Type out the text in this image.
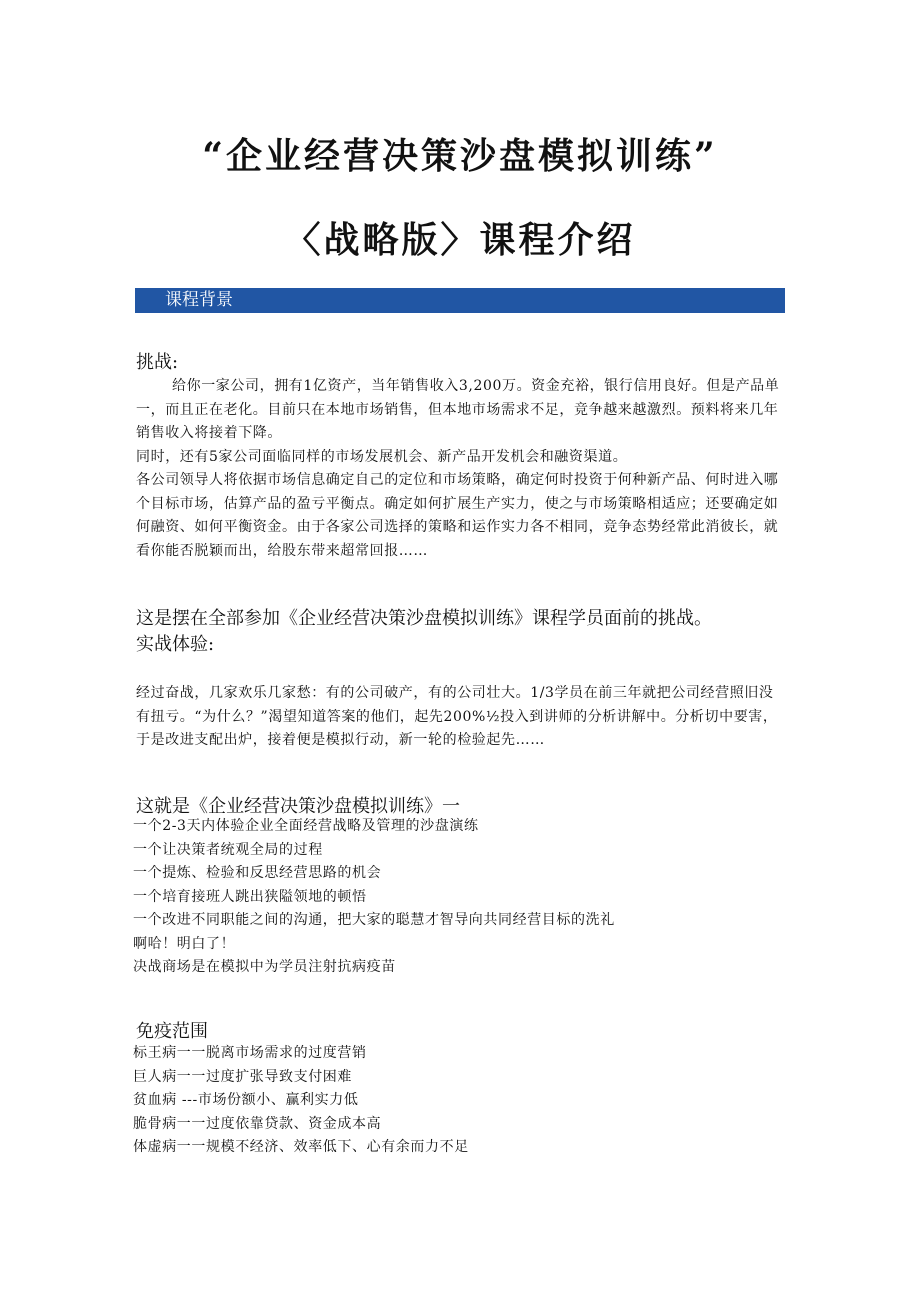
“企业经营决策沙盘模拟训练”
〈战略版〉课程介绍
课程背景
挑战:

给你一家公司，拥有1亿资产，当年销售收入3,200万。资金充裕，银行信用良好。但是产品单一，而且正在老化。目前只在本地市场销售，但本地市场需求不足，竞争越来越激烈。预料将来几年销售收入将接着下降。

同时，还有5家公司面临同样的市场发展机会、新产品开发机会和融资渠道。

各公司领导人将依据市场信息确定自己的定位和市场策略，确定何时投资于何种新产品、何时进入哪个目标市场，估算产品的盈亏平衡点。确定如何扩展生产实力，使之与市场策略相适应；还要确定如何融资、如何平衡资金。由于各家公司选择的策略和运作实力各不相同，竞争态势经常此消彼长，就看你能否脱颖而出，给股东带来超常回报……

这是摆在全部参加《企业经营决策沙盘模拟训练》课程学员面前的挑战。
实战体验:

经过奋战，几家欢乐几家愁：有的公司破产，有的公司壮大。1/3学员在前三年就把公司经营照旧没有扭亏。“为什么？”渴望知道答案的他们，起先200%½投入到讲师的分析讲解中。分析切中要害，于是改进支配出炉，接着便是模拟行动，新一轮的检验起先……

这就是《企业经营决策沙盘模拟训练》一
一个2-3天内体验企业全面经营战略及管理的沙盘演练
一个让决策者统观全局的过程
一个提炼、检验和反思经营思路的机会
一个培育接班人跳出狭隘领地的顿悟
一个改进不同职能之间的沟通，把大家的聪慧才智导向共同经营目标的洗礼
啊哈！明白了！
决战商场是在模拟中为学员注射抗病疫苗
免疫范围
标王病一一脱离市场需求的过度营销
巨人病一一过度扩张导致支付困难
贫血病 ---市场份额小、赢利实力低
脆骨病一一过度依靠贷款、资金成本高
体虚病一一规模不经济、效率低下、心有余而力不足
